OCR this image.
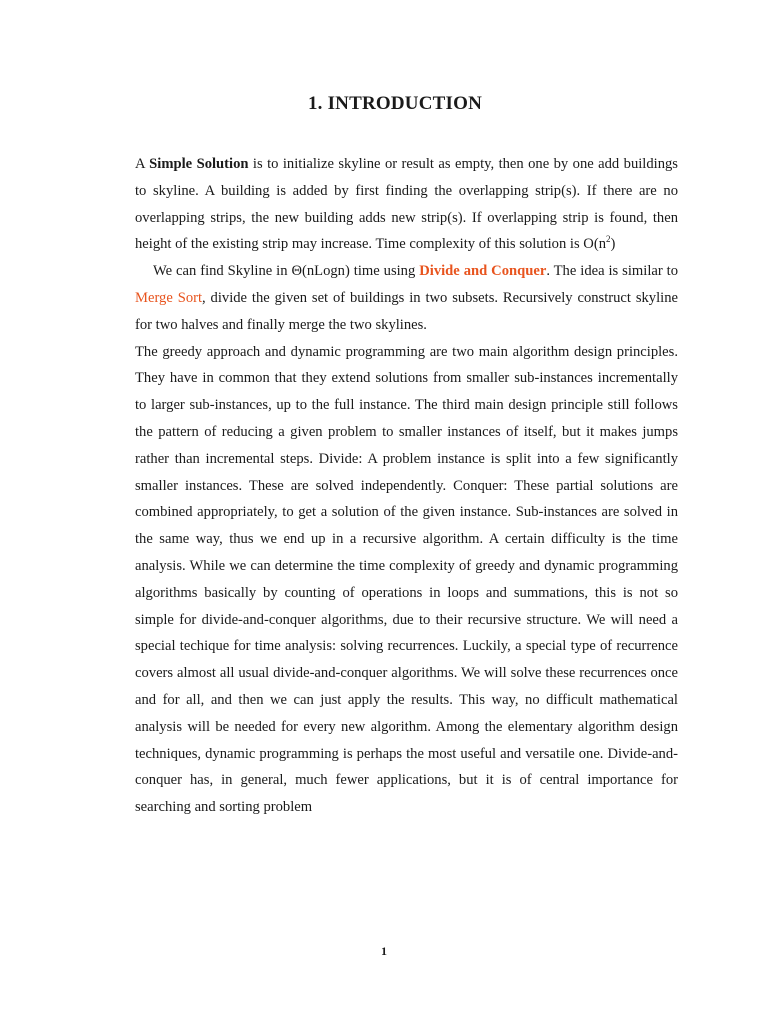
1. INTRODUCTION

A Simple Solution is to initialize skyline or result as empty, then one by one add buildings to skyline. A building is added by first finding the overlapping strip(s). If there are no overlapping strips, the new building adds new strip(s). If overlapping strip is found, then height of the existing strip may increase. Time complexity of this solution is $O(n^2)$

We can find Skyline in Θ(nLogn) time using Divide and Conquer. The idea is similar to Merge Sort, divide the given set of buildings in two subsets. Recursively construct skyline for two halves and finally merge the two skylines.

The greedy approach and dynamic programming are two main algorithm design principles. They have in common that they extend solutions from smaller sub-instances incrementally to larger sub-instances, up to the full instance. The third main design principle still follows the pattern of reducing a given problem to smaller instances of itself, but it makes jumps rather than incremental steps. Divide: A problem instance is split into a few significantly smaller instances. These are solved independently. Conquer: These partial solutions are combined appropriately, to get a solution of the given instance. Sub-instances are solved in the same way, thus we end up in a recursive algorithm. A certain difficulty is the time analysis. While we can determine the time complexity of greedy and dynamic programming algorithms basically by counting of operations in loops and summations, this is not so simple for divide-and-conquer algorithms, due to their recursive structure. We will need a special techique for time analysis: solving recurrences. Luckily, a special type of recurrence covers almost all usual divide-and-conquer algorithms. We will solve these recurrences once and for all, and then we can just apply the results. This way, no difficult mathematical analysis will be needed for every new algorithm. Among the elementary algorithm design techniques, dynamic programming is perhaps the most useful and versatile one. Divide-and-conquer has, in general, much fewer applications, but it is of central importance for searching and sorting problem

1
